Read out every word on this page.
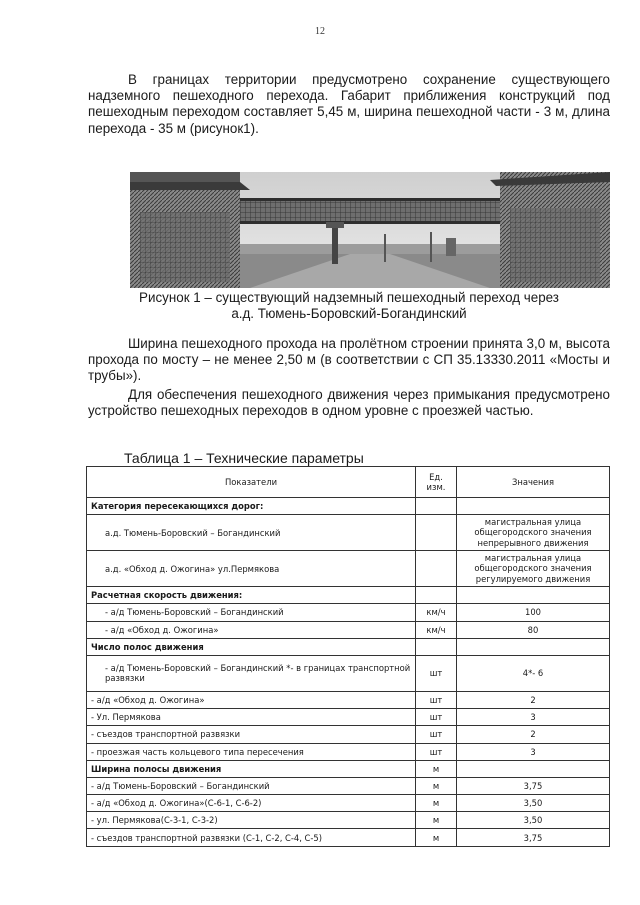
12
В границах территории предусмотрено сохранение существующего надземного пешеходного перехода. Габарит приближения конструкций под пешеходным переходом составляет 5,45 м, ширина пешеходной части - 3 м, длина перехода - 35 м (рисунок1).
Рисунок 1 – существующий надземный пешеходный переход через
а.д. Тюмень-Боровский-Богандинский
Ширина пешеходного прохода на пролётном строении принята 3,0 м, высота прохода по мосту – не менее 2,50 м (в соответствии с СП 35.13330.2011 «Мосты и трубы»).
Для обеспечения пешеходного движения через примыкания предусмотрено устройство пешеходных переходов в одном уровне с проезжей частью.
Таблица 1 – Технические параметры
Показатели	Ед. изм.	Значения
Категория пересекающихся дорог:		
а.д. Тюмень-Боровский – Богандинский		магистральная улица общегородского значения непрерывного движения
а.д. «Обход д. Ожогина» ул.Пермякова		магистральная улица общегородского значения регулируемого движения
Расчетная скорость движения:		
- а/д Тюмень-Боровский – Богандинский	км/ч	100
- а/д «Обход д. Ожогина»	км/ч	80
Число полос движения		
- а/д Тюмень-Боровский – Богандинский *- в границах транспортной развязки	шт	4*- 6
- а/д «Обход д. Ожогина»	шт	2
- Ул. Пермякова	шт	3
- съездов транспортной развязки	шт	2
- проезжая часть кольцевого типа пересечения	шт	3
Ширина полосы движения	м	
- а/д Тюмень-Боровский – Богандинский	м	3,75
- а/д «Обход д. Ожогина»(С-6-1, С-6-2)	м	3,50
- ул. Пермякова(С-3-1, С-3-2)	м	3,50
- съездов транспортной развязки (С-1, С-2, С-4, С-5)	м	3,75
